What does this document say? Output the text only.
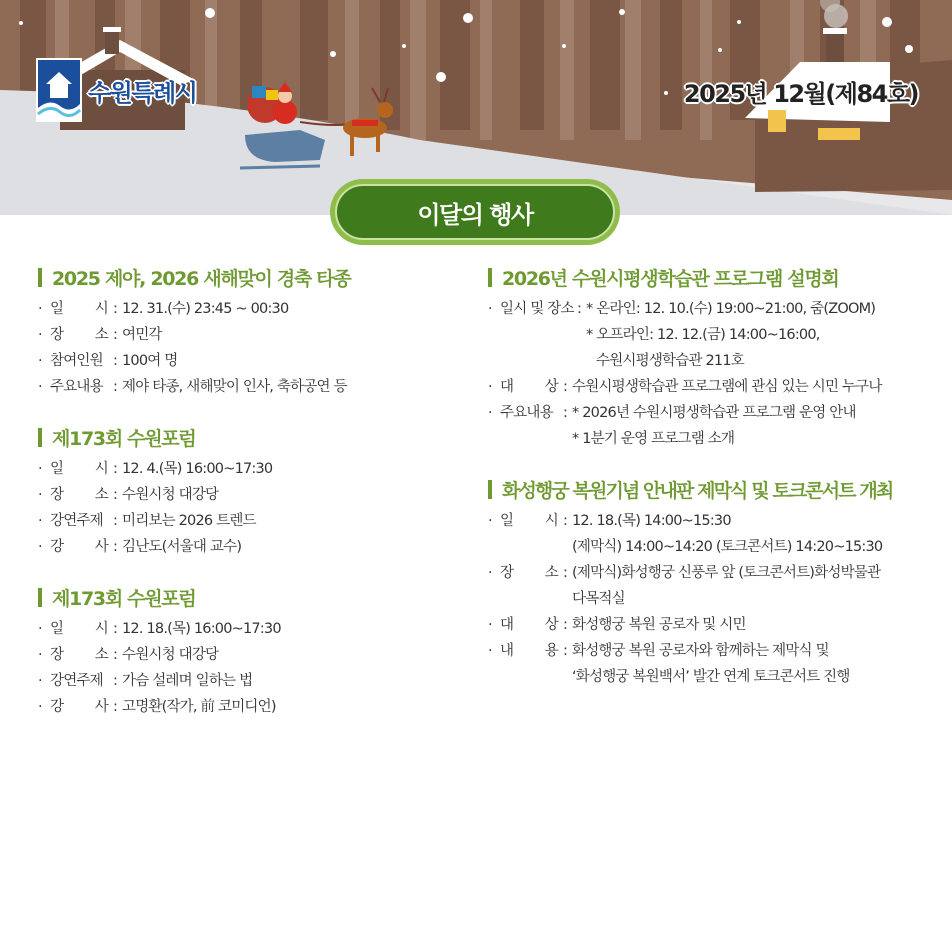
수원특례시	2025년 12월(제84호)
이달의 행사
2025 제야, 2026 새해맞이 경축 타종
· 일 시 : 12. 31.(수) 23:45 ~ 00:30
· 장 소 : 여민각
· 참여인원 : 100여 명
· 주요내용 : 제야 타종, 새해맞이 인사, 축하공연 등
제173회 수원포럼
· 일 시 : 12. 4.(목) 16:00~17:30
· 장 소 : 수원시청 대강당
· 강연주제 : 미리보는 2026 트렌드
· 강 사 : 김난도(서울대 교수)
제173회 수원포럼
· 일 시 : 12. 18.(목) 16:00~17:30
· 장 소 : 수원시청 대강당
· 강연주제 : 가슴 설레며 일하는 법
· 강 사 : 고명환(작가, 前 코미디언)
2026년 수원시평생학습관 프로그램 설명회
· 일시 및 장소 : * 온라인: 12. 10.(수) 19:00~21:00, 줌(ZOOM)
* 오프라인: 12. 12.(금) 14:00~16:00,
수원시평생학습관 211호
· 대 상 : 수원시평생학습관 프로그램에 관심 있는 시민 누구나
· 주요내용 : * 2026년 수원시평생학습관 프로그램 운영 안내
* 1분기 운영 프로그램 소개
화성행궁 복원기념 안내판 제막식 및 토크콘서트 개최
· 일 시 : 12. 18.(목) 14:00~15:30
(제막식) 14:00~14:20 (토크콘서트) 14:20~15:30
· 장 소 : (제막식)화성행궁 신풍루 앞 (토크콘서트)화성박물관
다목적실
· 대 상 : 화성행궁 복원 공로자 및 시민
· 내 용 : 화성행궁 복원 공로자와 함께하는 제막식 및
‘화성행궁 복원백서’ 발간 연계 토크콘서트 진행
